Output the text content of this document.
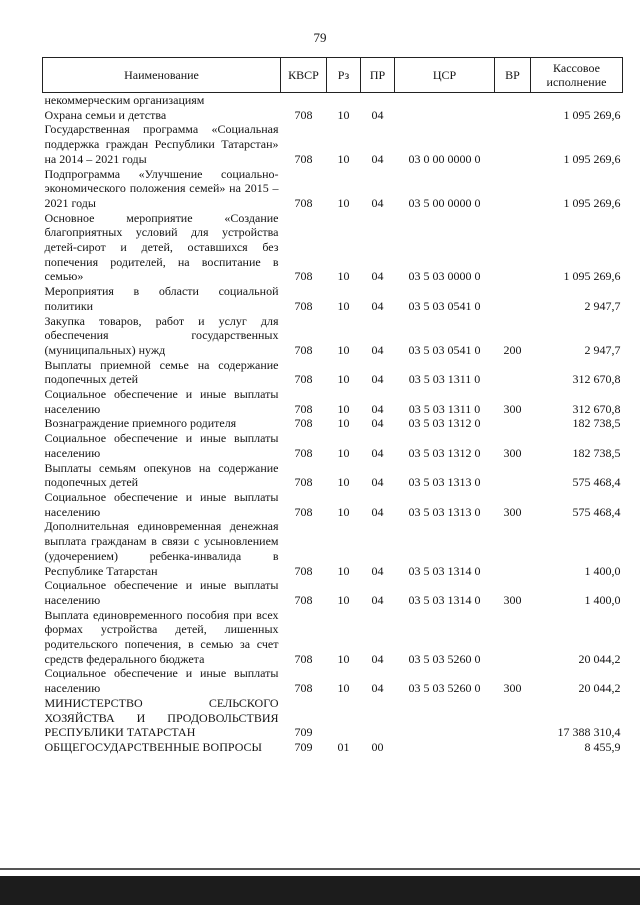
79
Наименование	КВСР	Рз	ПР	ЦСР	ВР	Кассовое исполнение
некоммерческим организациям						
Охрана семьи и детства	708	10	04			1 095 269,6
Государственная программа «Социальная поддержка граждан Республики Татарстан» на 2014 – 2021 годы	708	10	04	03 0 00 0000 0		1 095 269,6
Подпрограмма «Улучшение социально-экономического положения семей» на 2015 – 2021 годы	708	10	04	03 5 00 0000 0		1 095 269,6
Основное мероприятие «Создание благоприятных условий для устройства детей-сирот и детей, оставшихся без попечения родителей, на воспитание в семью»	708	10	04	03 5 03 0000 0		1 095 269,6
Мероприятия в области социальной политики	708	10	04	03 5 03 0541 0		2 947,7
Закупка товаров, работ и услуг для обеспечения государственных (муниципальных) нужд	708	10	04	03 5 03 0541 0	200	2 947,7
Выплаты приемной семье на содержание подопечных детей	708	10	04	03 5 03 1311 0		312 670,8
Социальное обеспечение и иные выплаты населению	708	10	04	03 5 03 1311 0	300	312 670,8
Вознаграждение приемного родителя	708	10	04	03 5 03 1312 0		182 738,5
Социальное обеспечение и иные выплаты населению	708	10	04	03 5 03 1312 0	300	182 738,5
Выплаты семьям опекунов на содержание подопечных детей	708	10	04	03 5 03 1313 0		575 468,4
Социальное обеспечение и иные выплаты населению	708	10	04	03 5 03 1313 0	300	575 468,4
Дополнительная единовременная денежная выплата гражданам в связи с усыновлением (удочерением) ребенка-инвалида в Республике Татарстан	708	10	04	03 5 03 1314 0		1 400,0
Социальное обеспечение и иные выплаты населению	708	10	04	03 5 03 1314 0	300	1 400,0
Выплата единовременного пособия при всех формах устройства детей, лишенных родительского попечения, в семью за счет средств федерального бюджета	708	10	04	03 5 03 5260 0		20 044,2
Социальное обеспечение и иные выплаты населению	708	10	04	03 5 03 5260 0	300	20 044,2
МИНИСТЕРСТВО СЕЛЬСКОГО ХОЗЯЙСТВА И ПРОДОВОЛЬСТВИЯ РЕСПУБЛИКИ ТАТАРСТАН	709					17 388 310,4
ОБЩЕГОСУДАРСТВЕННЫЕ ВОПРОСЫ	709	01	00			8 455,9
